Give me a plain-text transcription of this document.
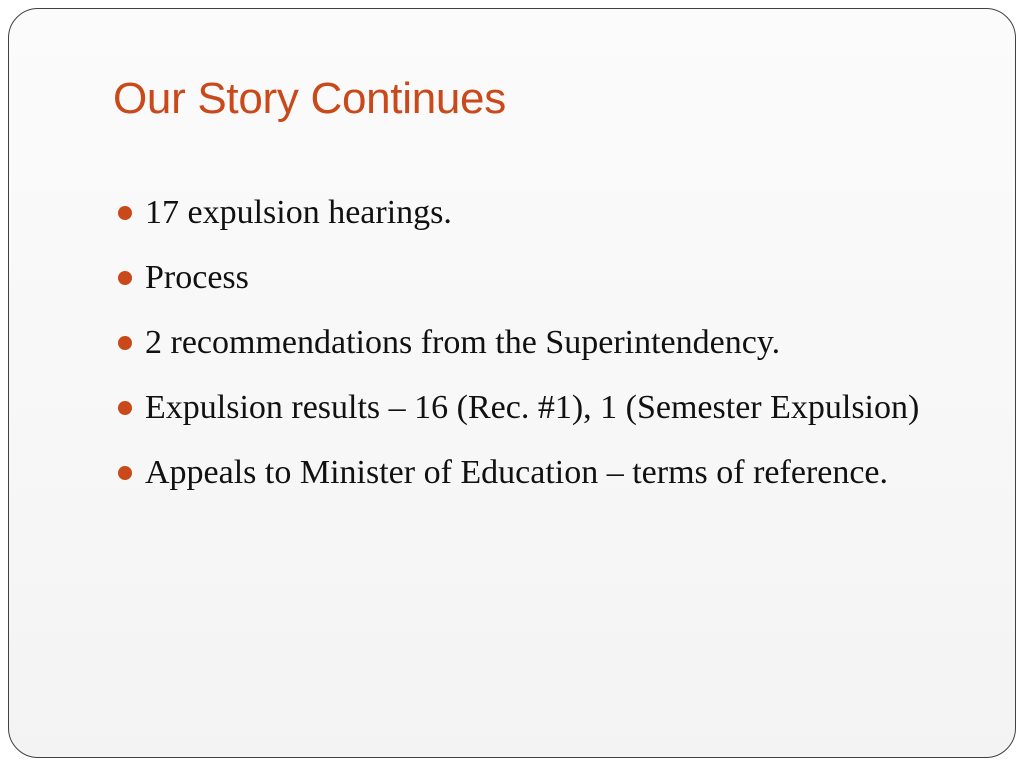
Our Story Continues
17 expulsion hearings.
Process
2 recommendations from the Superintendency.
Expulsion results – 16 (Rec. #1), 1 (Semester Expulsion)
Appeals to Minister of Education – terms of reference.
